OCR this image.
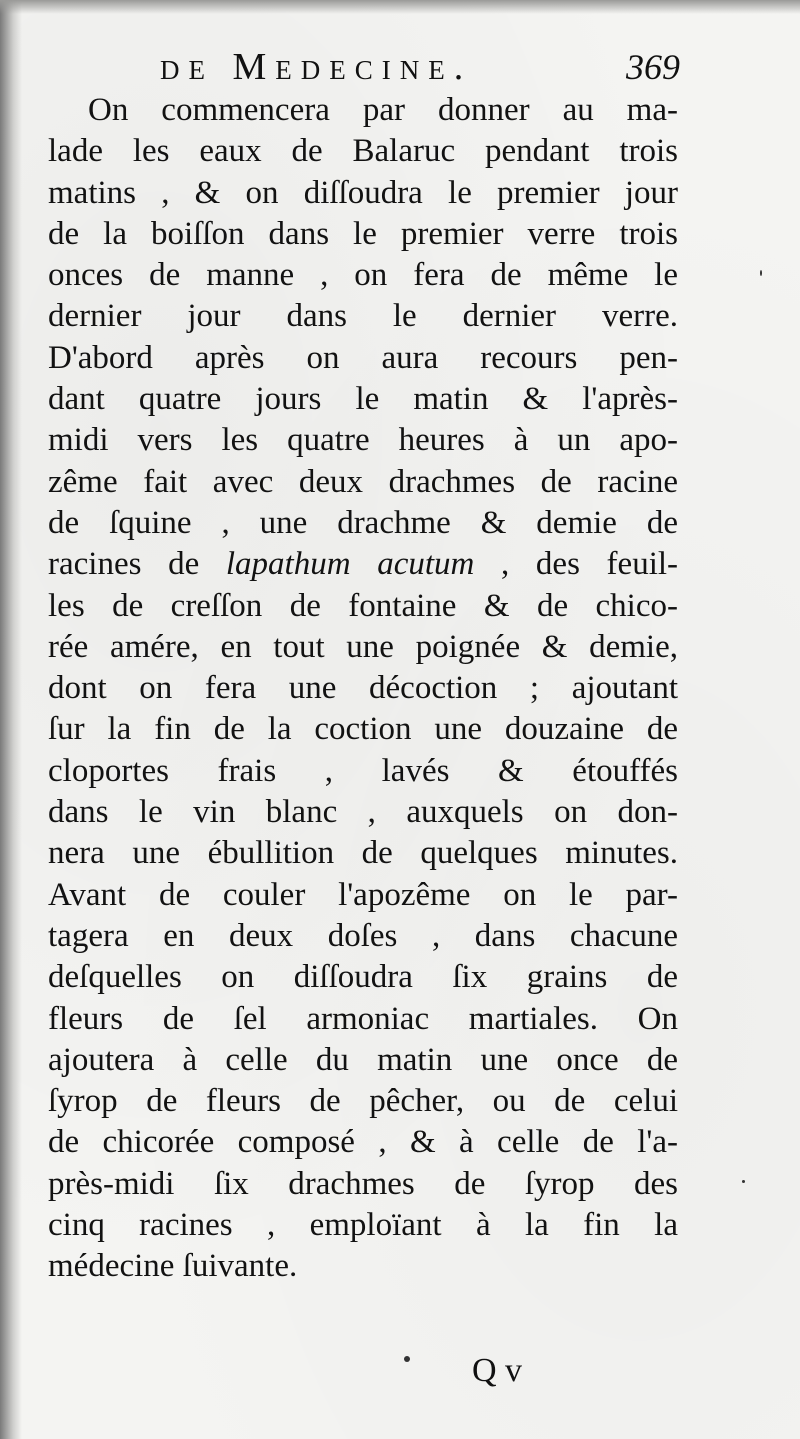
de Medecine.	369
On commencera par donner au ma-
lade les eaux de Balaruc pendant trois
matins , & on diſſoudra le premier jour
de la boiſſon dans le premier verre trois
onces de manne , on fera de même le
dernier jour dans le dernier verre.
D'abord après on aura recours pen-
dant quatre jours le matin & l'après-
midi vers les quatre heures à un apo-
zême fait avec deux drachmes de racine
de ſquine , une drachme & demie de
racines de lapathum acutum , des feuil-
les de creſſon de fontaine & de chico-
rée amére, en tout une poignée & demie,
dont on fera une décoction ; ajoutant
ſur la fin de la coction une douzaine de
cloportes frais , lavés & étouffés
dans le vin blanc , auxquels on don-
nera une ébullition de quelques minutes.
Avant de couler l'apozême on le par-
tagera en deux doſes , dans chacune
deſquelles on diſſoudra ſix grains de
fleurs de ſel armoniac martiales. On
ajoutera à celle du matin une once de
ſyrop de fleurs de pêcher, ou de celui
de chicorée composé , & à celle de l'a-
près-midi ſix drachmes de ſyrop des
cinq racines , emploïant à la fin la
médecine ſuivante.
Q v
